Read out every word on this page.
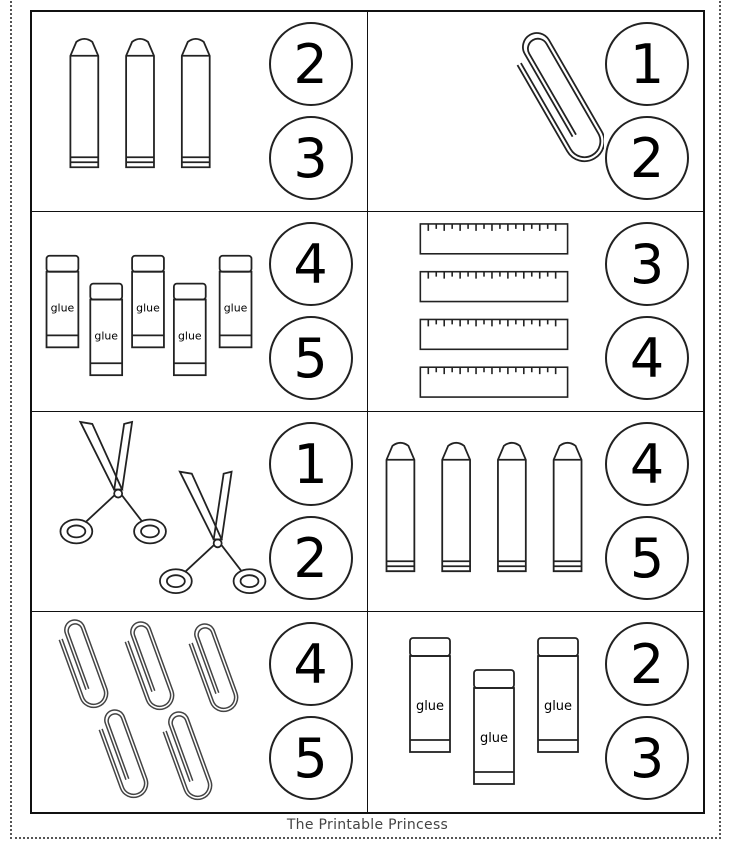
2
3
1
2
glue
glue
glue
glue
glue
4
5
3
4
1
2
4
5
4
5
glue
glue
glue
2
3
The Printable Princess
